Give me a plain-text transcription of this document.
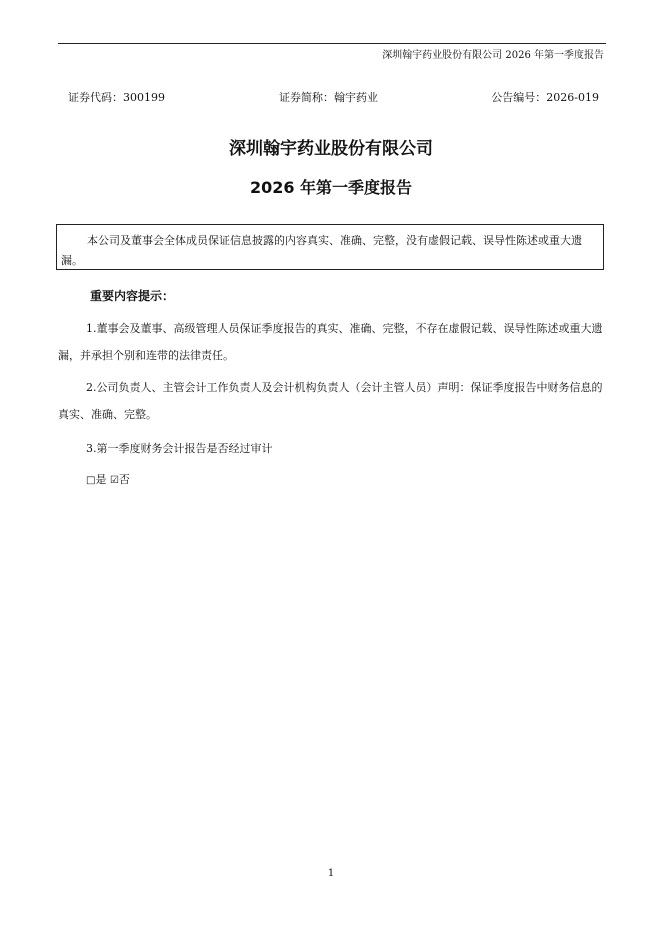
深圳翰宇药业股份有限公司 2026 年第一季度报告
证券代码：300199	证券简称：翰宇药业	公告编号：2026-019
深圳翰宇药业股份有限公司
2026 年第一季度报告
本公司及董事会全体成员保证信息披露的内容真实、准确、完整，没有虚假记载、误导性陈述或重大遗漏。
重要内容提示：
1.董事会及董事、高级管理人员保证季度报告的真实、准确、完整，不存在虚假记载、误导性陈述或重大遗漏，并承担个别和连带的法律责任。
2.公司负责人、主管会计工作负责人及会计机构负责人（会计主管人员）声明：保证季度报告中财务信息的真实、准确、完整。
3.第一季度财务会计报告是否经过审计
□是 ☑否
1
